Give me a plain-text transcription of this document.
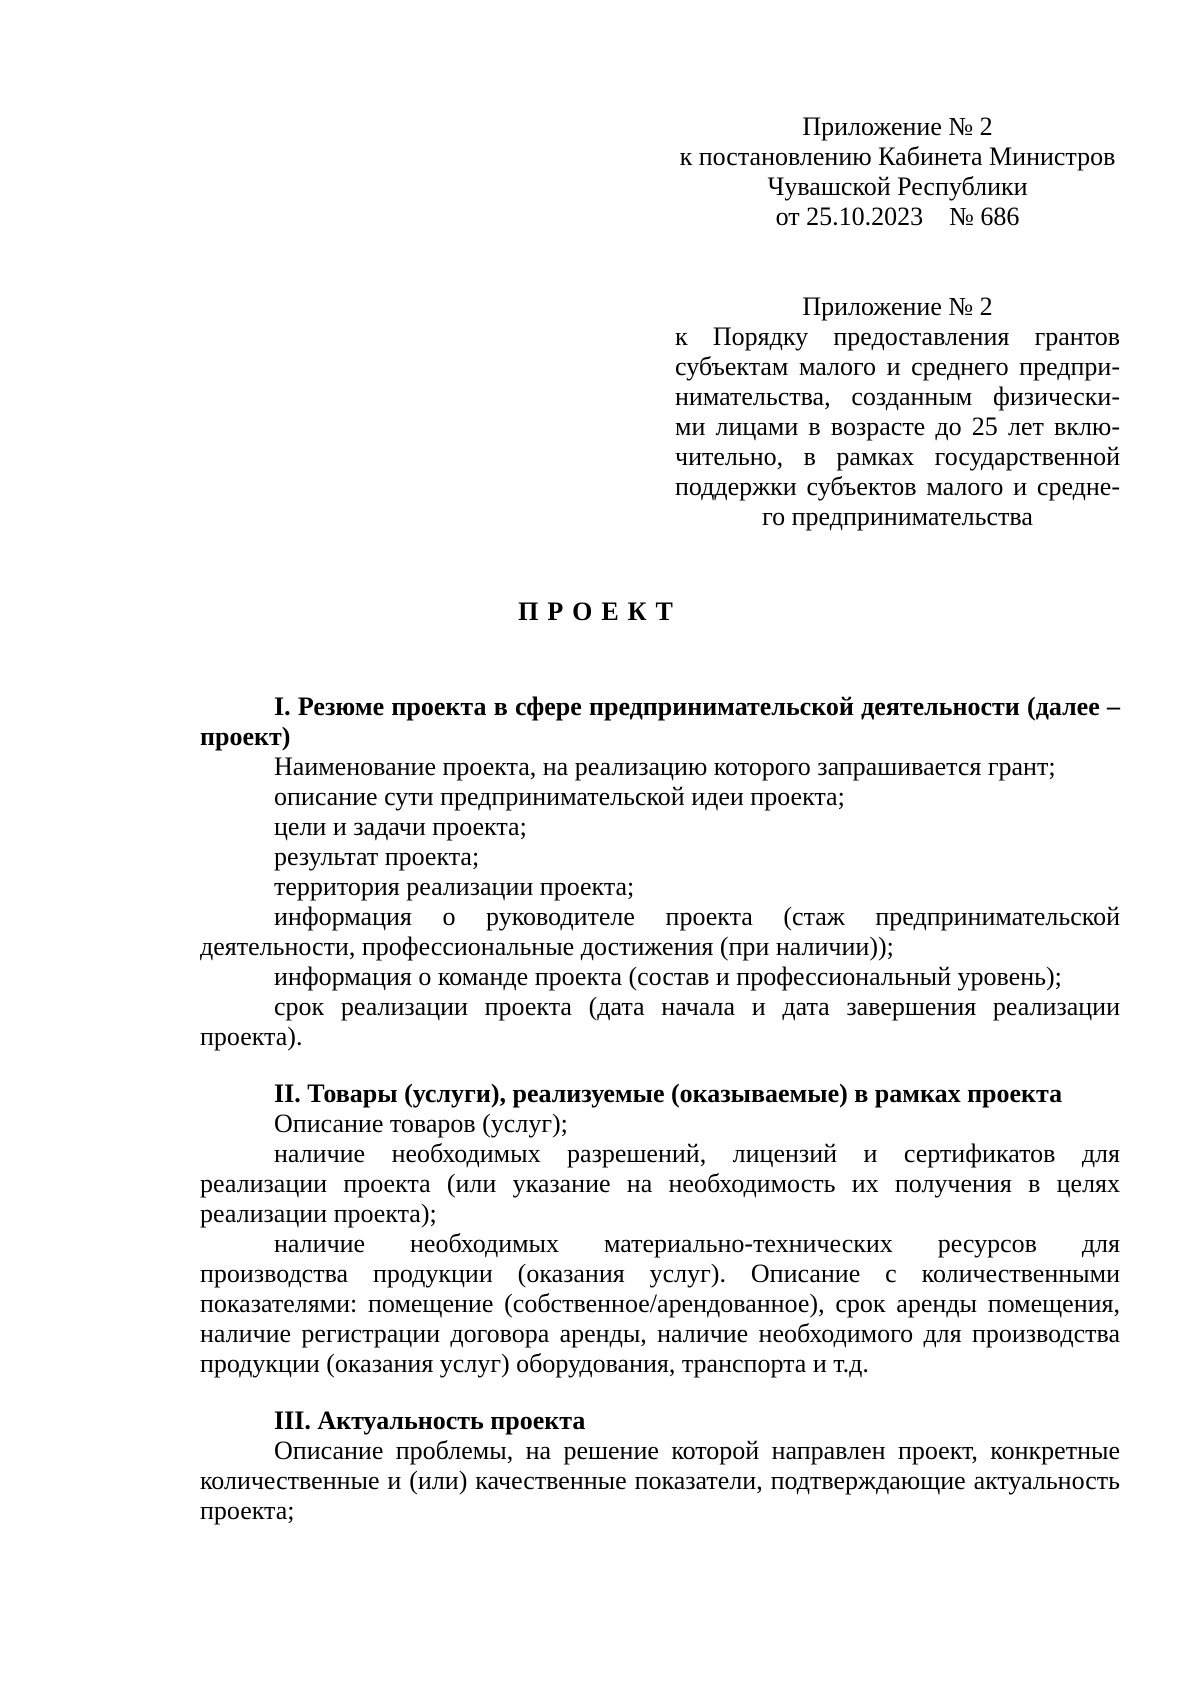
Приложение № 2
к постановлению Кабинета Министров
Чувашской Республики
от 25.10.2023    № 686
Приложение № 2
к Порядку предоставления грантов
субъектам малого и среднего предпри-
нимательства, созданным физически-
ми лицами в возрасте до 25 лет вклю-
чительно, в рамках государственной
поддержки субъектов малого и средне-
го предпринимательства
ПРОЕКТ
I. Резюме проекта в сфере предпринимательской деятельности (далее – проект)
Наименование проекта, на реализацию которого запрашивается грант;
описание сути предпринимательской идеи проекта;
цели и задачи проекта;
результат проекта;
территория реализации проекта;
информация о руководителе проекта (стаж предпринимательской деятельности, профессиональные достижения (при наличии));
информация о команде проекта (состав и профессиональный уровень);
срок реализации проекта (дата начала и дата завершения реализации проекта).
II. Товары (услуги), реализуемые (оказываемые) в рамках проекта
Описание товаров (услуг);
наличие необходимых разрешений, лицензий и сертификатов для реализации проекта (или указание на необходимость их получения в целях реализации проекта);
наличие необходимых материально-технических ресурсов для производства продукции (оказания услуг). Описание с количественными показателями: помещение (собственное/арендованное), срок аренды помещения, наличие регистрации договора аренды, наличие необходимого для производства продукции (оказания услуг) оборудования, транспорта и т.д.
III. Актуальность проекта
Описание проблемы, на решение которой направлен проект, конкретные количественные и (или) качественные показатели, подтверждающие актуальность проекта;
